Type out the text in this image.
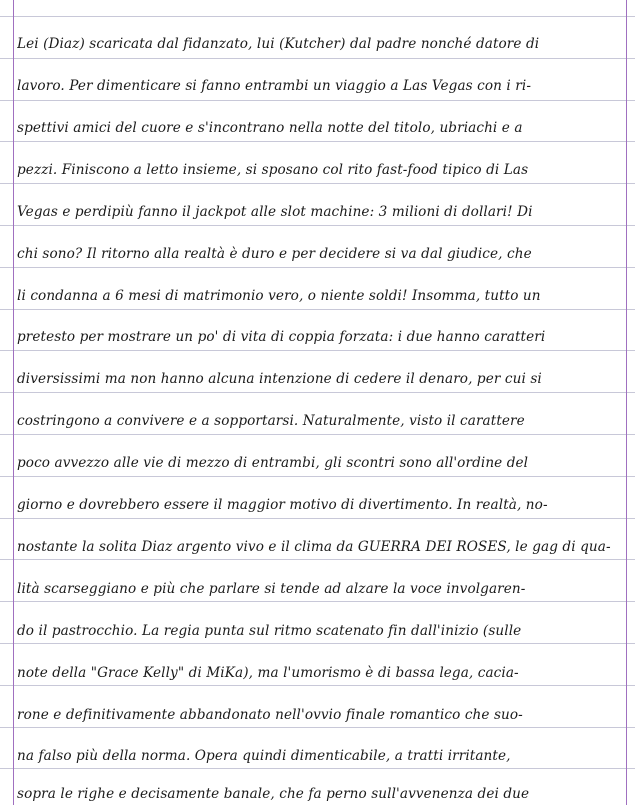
Lei (Diaz) scaricata dal fidanzato, lui (Kutcher) dal padre nonché datore di
lavoro. Per dimenticare si fanno entrambi un viaggio a Las Vegas con i ri-
spettivi amici del cuore e s'incontrano nella notte del titolo, ubriachi e a
pezzi. Finiscono a letto insieme, si sposano col rito fast-food tipico di Las
Vegas e perdipiù fanno il jackpot alle slot machine: 3 milioni di dollari! Di
chi sono? Il ritorno alla realtà è duro e per decidere si va dal giudice, che
li condanna a 6 mesi di matrimonio vero, o niente soldi! Insomma, tutto un
pretesto per mostrare un po' di vita di coppia forzata: i due hanno caratteri
diversissimi ma non hanno alcuna intenzione di cedere il denaro, per cui si
costringono a convivere e a sopportarsi. Naturalmente, visto il carattere
poco avvezzo alle vie di mezzo di entrambi, gli scontri sono all'ordine del
giorno e dovrebbero essere il maggior motivo di divertimento. In realtà, no-
nostante la solita Diaz argento vivo e il clima da GUERRA DEI ROSES, le gag di qua-
lità scarseggiano e più che parlare si tende ad alzare la voce involgaren-
do il pastrocchio. La regia punta sul ritmo scatenato fin dall'inizio (sulle
note della "Grace Kelly" di MiKa), ma l'umorismo è di bassa lega, cacia-
rone e definitivamente abbandonato nell'ovvio finale romantico che suo-
na falso più della norma. Opera quindi dimenticabile, a tratti irritante,
sopra le righe e decisamente banale, che fa perno sull'avvenenza dei due
